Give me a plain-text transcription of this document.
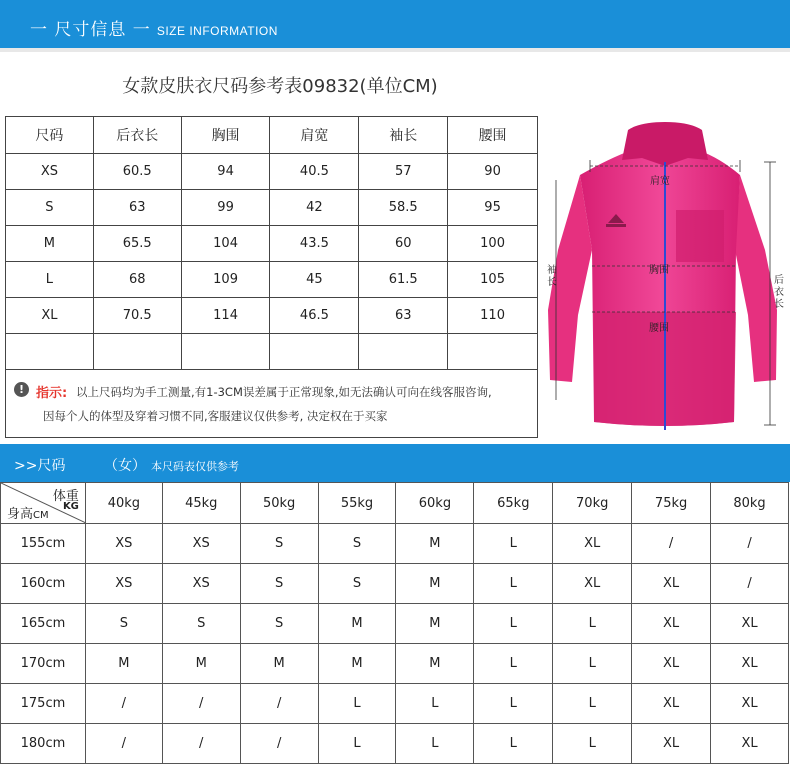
一 尺寸信息 一 SIZE INFORMATION
女款皮肤衣尺码参考表09832(单位CM)
尺码	后衣长	胸围	肩宽	袖长	腰围
XS	60.5	94	40.5	57	90
S	63	99	42	58.5	95
M	65.5	104	43.5	60	100
L	68	109	45	61.5	105
XL	70.5	114	46.5	63	110

! 指示: 以上尺码均为手工测量,有1-3CM误差属于正常现象,如无法确认可向在线客服咨询,
因每个人的体型及穿着习惯不同,客服建议仅供参考, 决定权在于买家
肩宽
胸围
腰围
袖长	后衣长
>>尺码	（女） 本尺码表仅供参考
体重
KG
身高CM	40kg	45kg	50kg	55kg	60kg	65kg	70kg	75kg	80kg
155cm	XS	XS	S	S	M	L	XL	/	/
160cm	XS	XS	S	S	M	L	XL	XL	/
165cm	S	S	S	M	M	L	L	XL	XL
170cm	M	M	M	M	M	L	L	XL	XL
175cm	/	/	/	L	L	L	L	XL	XL
180cm	/	/	/	L	L	L	L	XL	XL
